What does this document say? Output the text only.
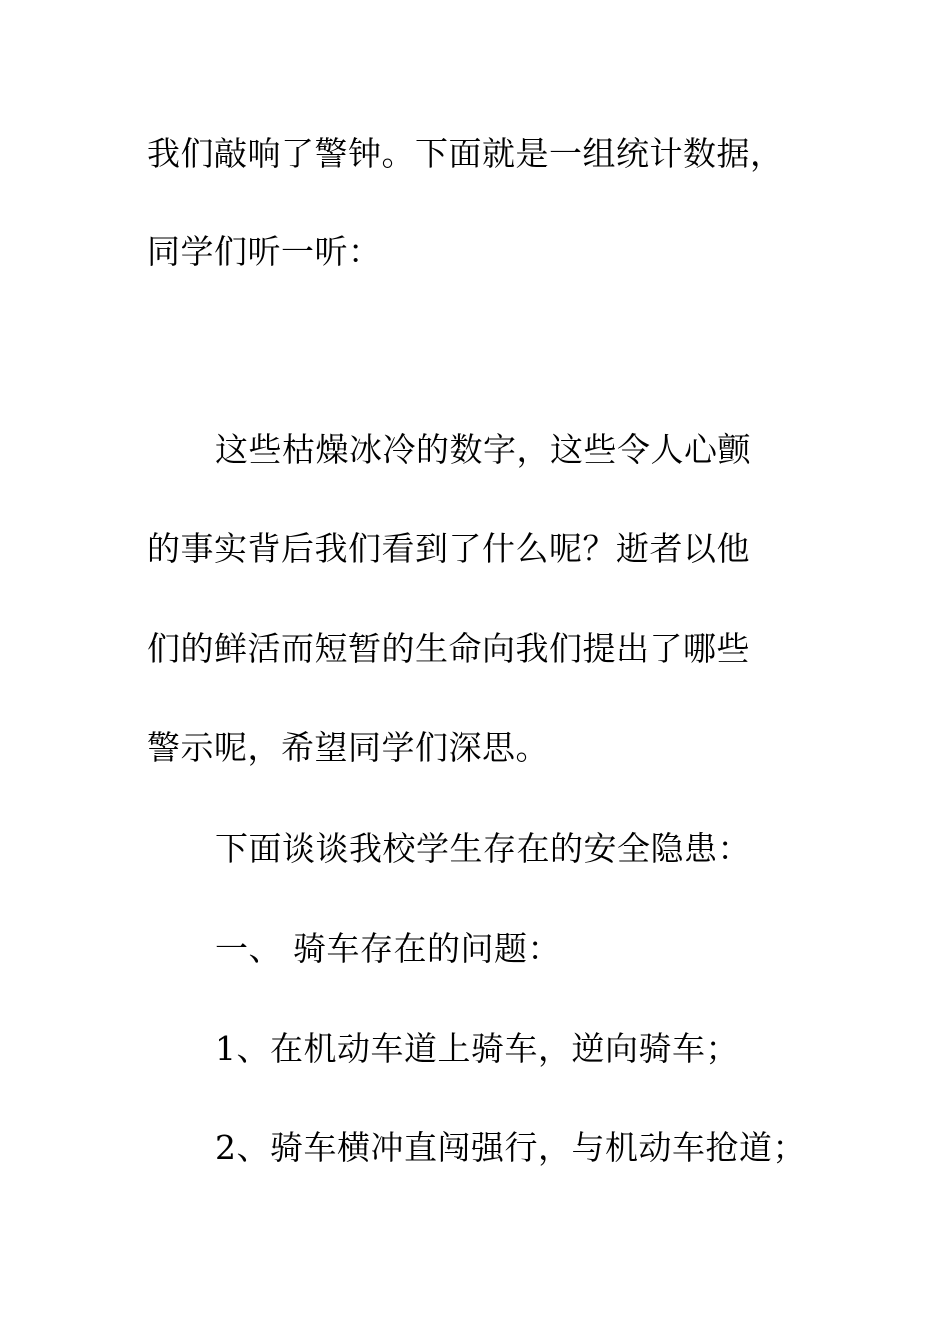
我们敲响了警钟。下面就是一组统计数据，
同学们听一听：
这些枯燥冰冷的数字，这些令人心颤
的事实背后我们看到了什么呢？逝者以他
们的鲜活而短暂的生命向我们提出了哪些
警示呢，希望同学们深思。
下面谈谈我校学生存在的安全隐患：
一、 骑车存在的问题：
1、在机动车道上骑车，逆向骑车；
2、骑车横冲直闯强行，与机动车抢道；
